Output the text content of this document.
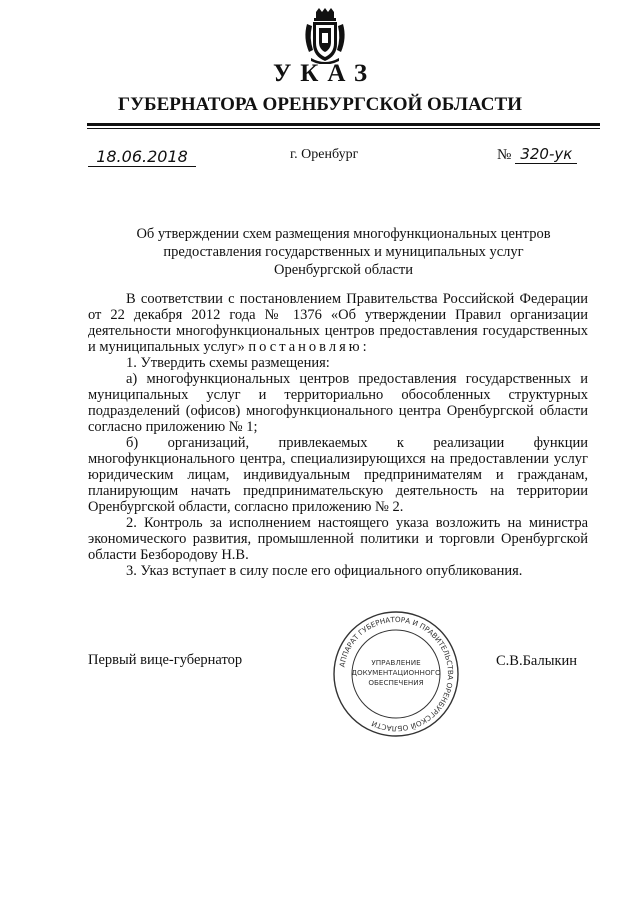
УКАЗ
ГУБЕРНАТОРА ОРЕНБУРГСКОЙ ОБЛАСТИ
18.06.2018	г. Оренбург	№ 320-ук
Об утверждении схем размещения многофункциональных центров
предоставления государственных и муниципальных услуг
Оренбургской области

В соответствии с постановлением Правительства Российской Федерации от 22 декабря 2012 года № 1376 «Об утверждении Правил организации деятельности многофункциональных центров предоставления государственных и муниципальных услуг» постановляю:

1. Утвердить схемы размещения:

а) многофункциональных центров предоставления государственных и муниципальных услуг и территориально обособленных структурных подразделений (офисов) многофункционального центра Оренбургской области согласно приложению № 1;

б) организаций, привлекаемых к реализации функции многофункционального центра, специализирующихся на предоставлении услуг юридическим лицам, индивидуальным предпринимателям и гражданам, планирующим начать предпринимательскую деятельность на территории Оренбургской области, согласно приложению № 2.

2. Контроль за исполнением настоящего указа возложить на министра экономического развития, промышленной политики и торговли Оренбургской области Безбородову Н.В.

3. Указ вступает в силу после его официального опубликования.

Первый вице-губернатор	С.В.Балыкин
АППАРАТ ГУБЕРНАТОРА И ПРАВИТЕЛЬСТВА ОРЕНБУРГСКОЙ ОБЛАСТИ
УПРАВЛЕНИЕ
ДОКУМЕНТАЦИОННОГО
ОБЕСПЕЧЕНИЯ
